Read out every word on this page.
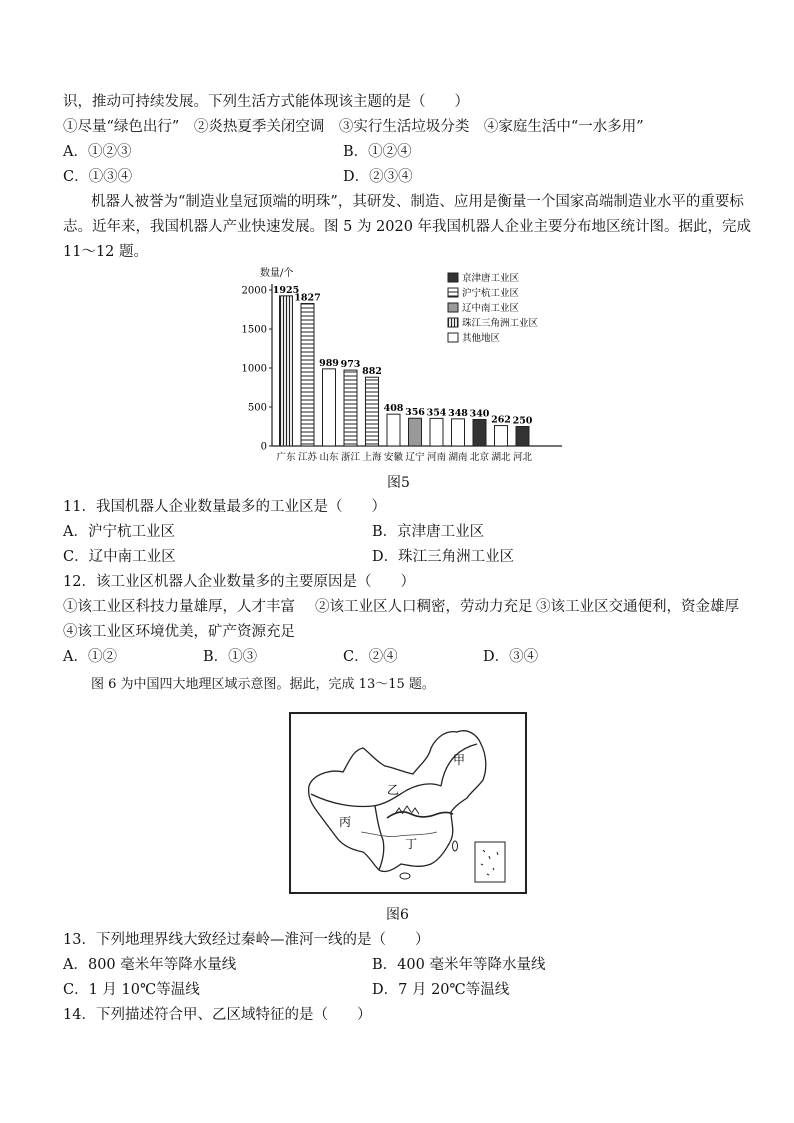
识，推动可持续发展。下列生活方式能体现该主题的是（　　）
①尽量“绿色出行”　②炎热夏季关闭空调　③实行生活垃圾分类　④家庭生活中“一水多用”
A．①②③	B．①②④
C．①③④	D．②③④
机器人被誉为“制造业皇冠顶端的明珠”，其研发、制造、应用是衡量一个国家高端制造业水平的重要标
志。近年来，我国机器人产业快速发展。图 5 为 2020 年我国机器人企业主要分布地区统计图。据此，完成
11～12 题。
数量/个
0
500
1000
1500
2000 1925
广东
1827
江苏
989
山东
973
浙江
882
上海
408
安徽
356
辽宁
354
河南
348
湖南
340
北京
262
湖北
250
河北
京津唐工业区
沪宁杭工业区
辽中南工业区
珠江三角洲工业区
其他地区
图5
11．我国机器人企业数量最多的工业区是（　　）
A．沪宁杭工业区	B．京津唐工业区
C．辽中南工业区	D．珠江三角洲工业区
12．该工业区机器人企业数量多的主要原因是（　　）
①该工业区科技力量雄厚，人才丰富 ②该工业区人口稠密，劳动力充足 ③该工业区交通便利，资金雄厚
④该工业区环境优美，矿产资源充足
A．①②	B．①③	C．②④	D．③④
图 6 为中国四大地理区域示意图。据此，完成 13～15 题。
甲
乙
丙
丁
图6
13．下列地理界线大致经过秦岭—淮河一线的是（　　）
A．800 毫米年等降水量线	B．400 毫米年等降水量线
C．1 月 10℃等温线	D．7 月 20℃等温线
14．下列描述符合甲、乙区域特征的是（　　）
